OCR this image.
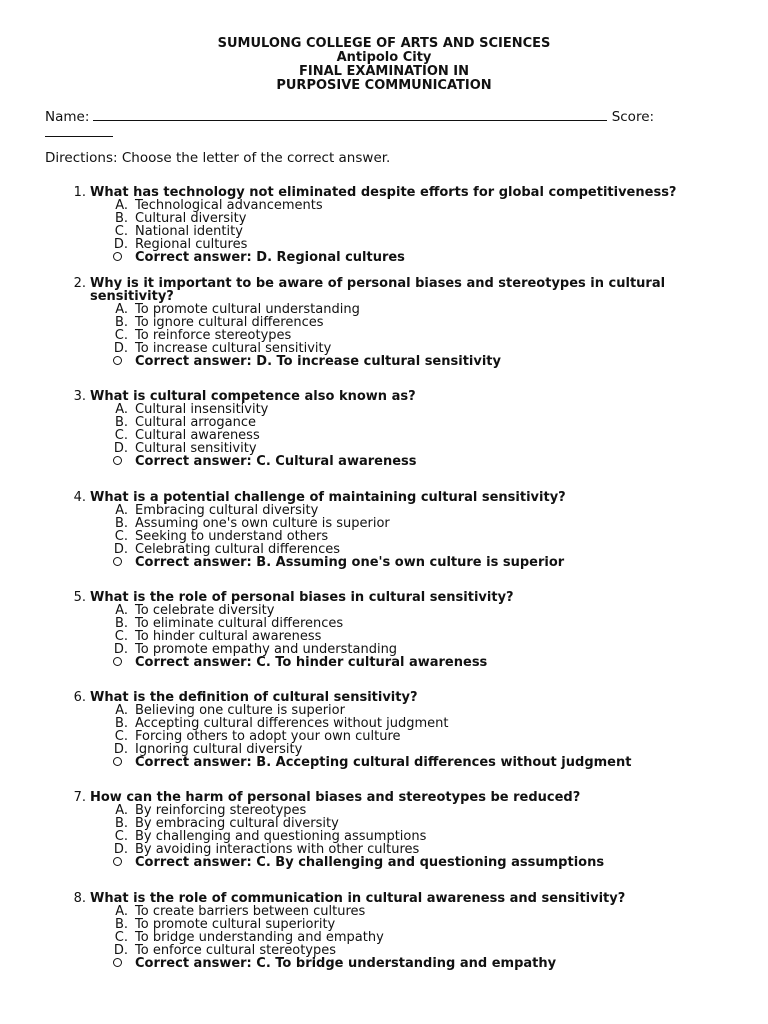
SUMULONG COLLEGE OF ARTS AND SCIENCES
Antipolo City
FINAL EXAMINATION IN
PURPOSIVE COMMUNICATION
Name:	Score:
Directions: Choose the letter of the correct answer.
1. What has technology not eliminated despite efforts for global competitiveness?
A. Technological advancements
B. Cultural diversity
C. National identity
D. Regional cultures
Correct answer: D. Regional cultures
2. Why is it important to be aware of personal biases and stereotypes in cultural sensitivity?
A. To promote cultural understanding
B. To ignore cultural differences
C. To reinforce stereotypes
D. To increase cultural sensitivity
Correct answer: D. To increase cultural sensitivity
3. What is cultural competence also known as?
A. Cultural insensitivity
B. Cultural arrogance
C. Cultural awareness
D. Cultural sensitivity
Correct answer: C. Cultural awareness
4. What is a potential challenge of maintaining cultural sensitivity?
A. Embracing cultural diversity
B. Assuming one's own culture is superior
C. Seeking to understand others
D. Celebrating cultural differences
Correct answer: B. Assuming one's own culture is superior
5. What is the role of personal biases in cultural sensitivity?
A. To celebrate diversity
B. To eliminate cultural differences
C. To hinder cultural awareness
D. To promote empathy and understanding
Correct answer: C. To hinder cultural awareness
6. What is the definition of cultural sensitivity?
A. Believing one culture is superior
B. Accepting cultural differences without judgment
C. Forcing others to adopt your own culture
D. Ignoring cultural diversity
Correct answer: B. Accepting cultural differences without judgment
7. How can the harm of personal biases and stereotypes be reduced?
A. By reinforcing stereotypes
B. By embracing cultural diversity
C. By challenging and questioning assumptions
D. By avoiding interactions with other cultures
Correct answer: C. By challenging and questioning assumptions
8. What is the role of communication in cultural awareness and sensitivity?
A. To create barriers between cultures
B. To promote cultural superiority
C. To bridge understanding and empathy
D. To enforce cultural stereotypes
Correct answer: C. To bridge understanding and empathy
